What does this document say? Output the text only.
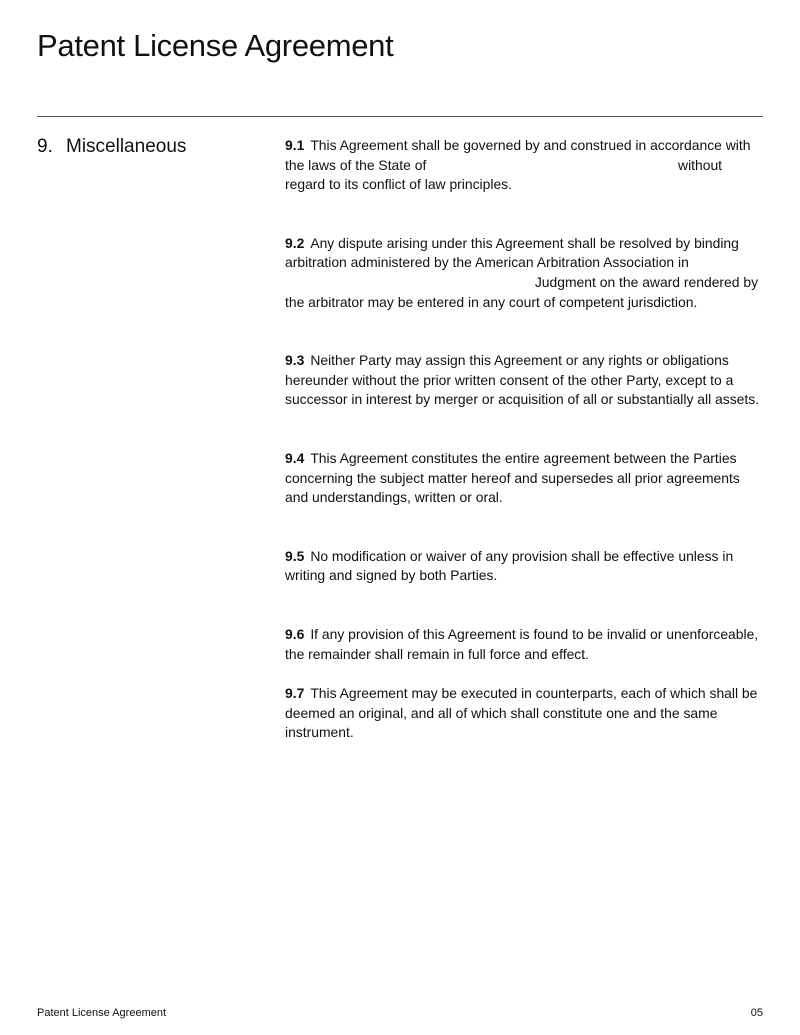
Patent License Agreement
9. Miscellaneous	9.1 This Agreement shall be governed by and construed in accordance with the laws of the State of	without regard to its conflict of law principles.

9.2 Any dispute arising under this Agreement shall be resolved by binding arbitration administered by the American Arbitration Association in
Judgment on the award rendered by the arbitrator may be entered in any court of competent jurisdiction.

9.3 Neither Party may assign this Agreement or any rights or obligations hereunder without the prior written consent of the other Party, except to a successor in interest by merger or acquisition of all or substantially all assets.

9.4 This Agreement constitutes the entire agreement between the Parties concerning the subject matter hereof and supersedes all prior agreements and understandings, written or oral.

9.5 No modification or waiver of any provision shall be effective unless in writing and signed by both Parties.

9.6 If any provision of this Agreement is found to be invalid or unenforceable, the remainder shall remain in full force and effect.

9.7 This Agreement may be executed in counterparts, each of which shall be deemed an original, and all of which shall constitute one and the same instrument.

Patent License Agreement	05
